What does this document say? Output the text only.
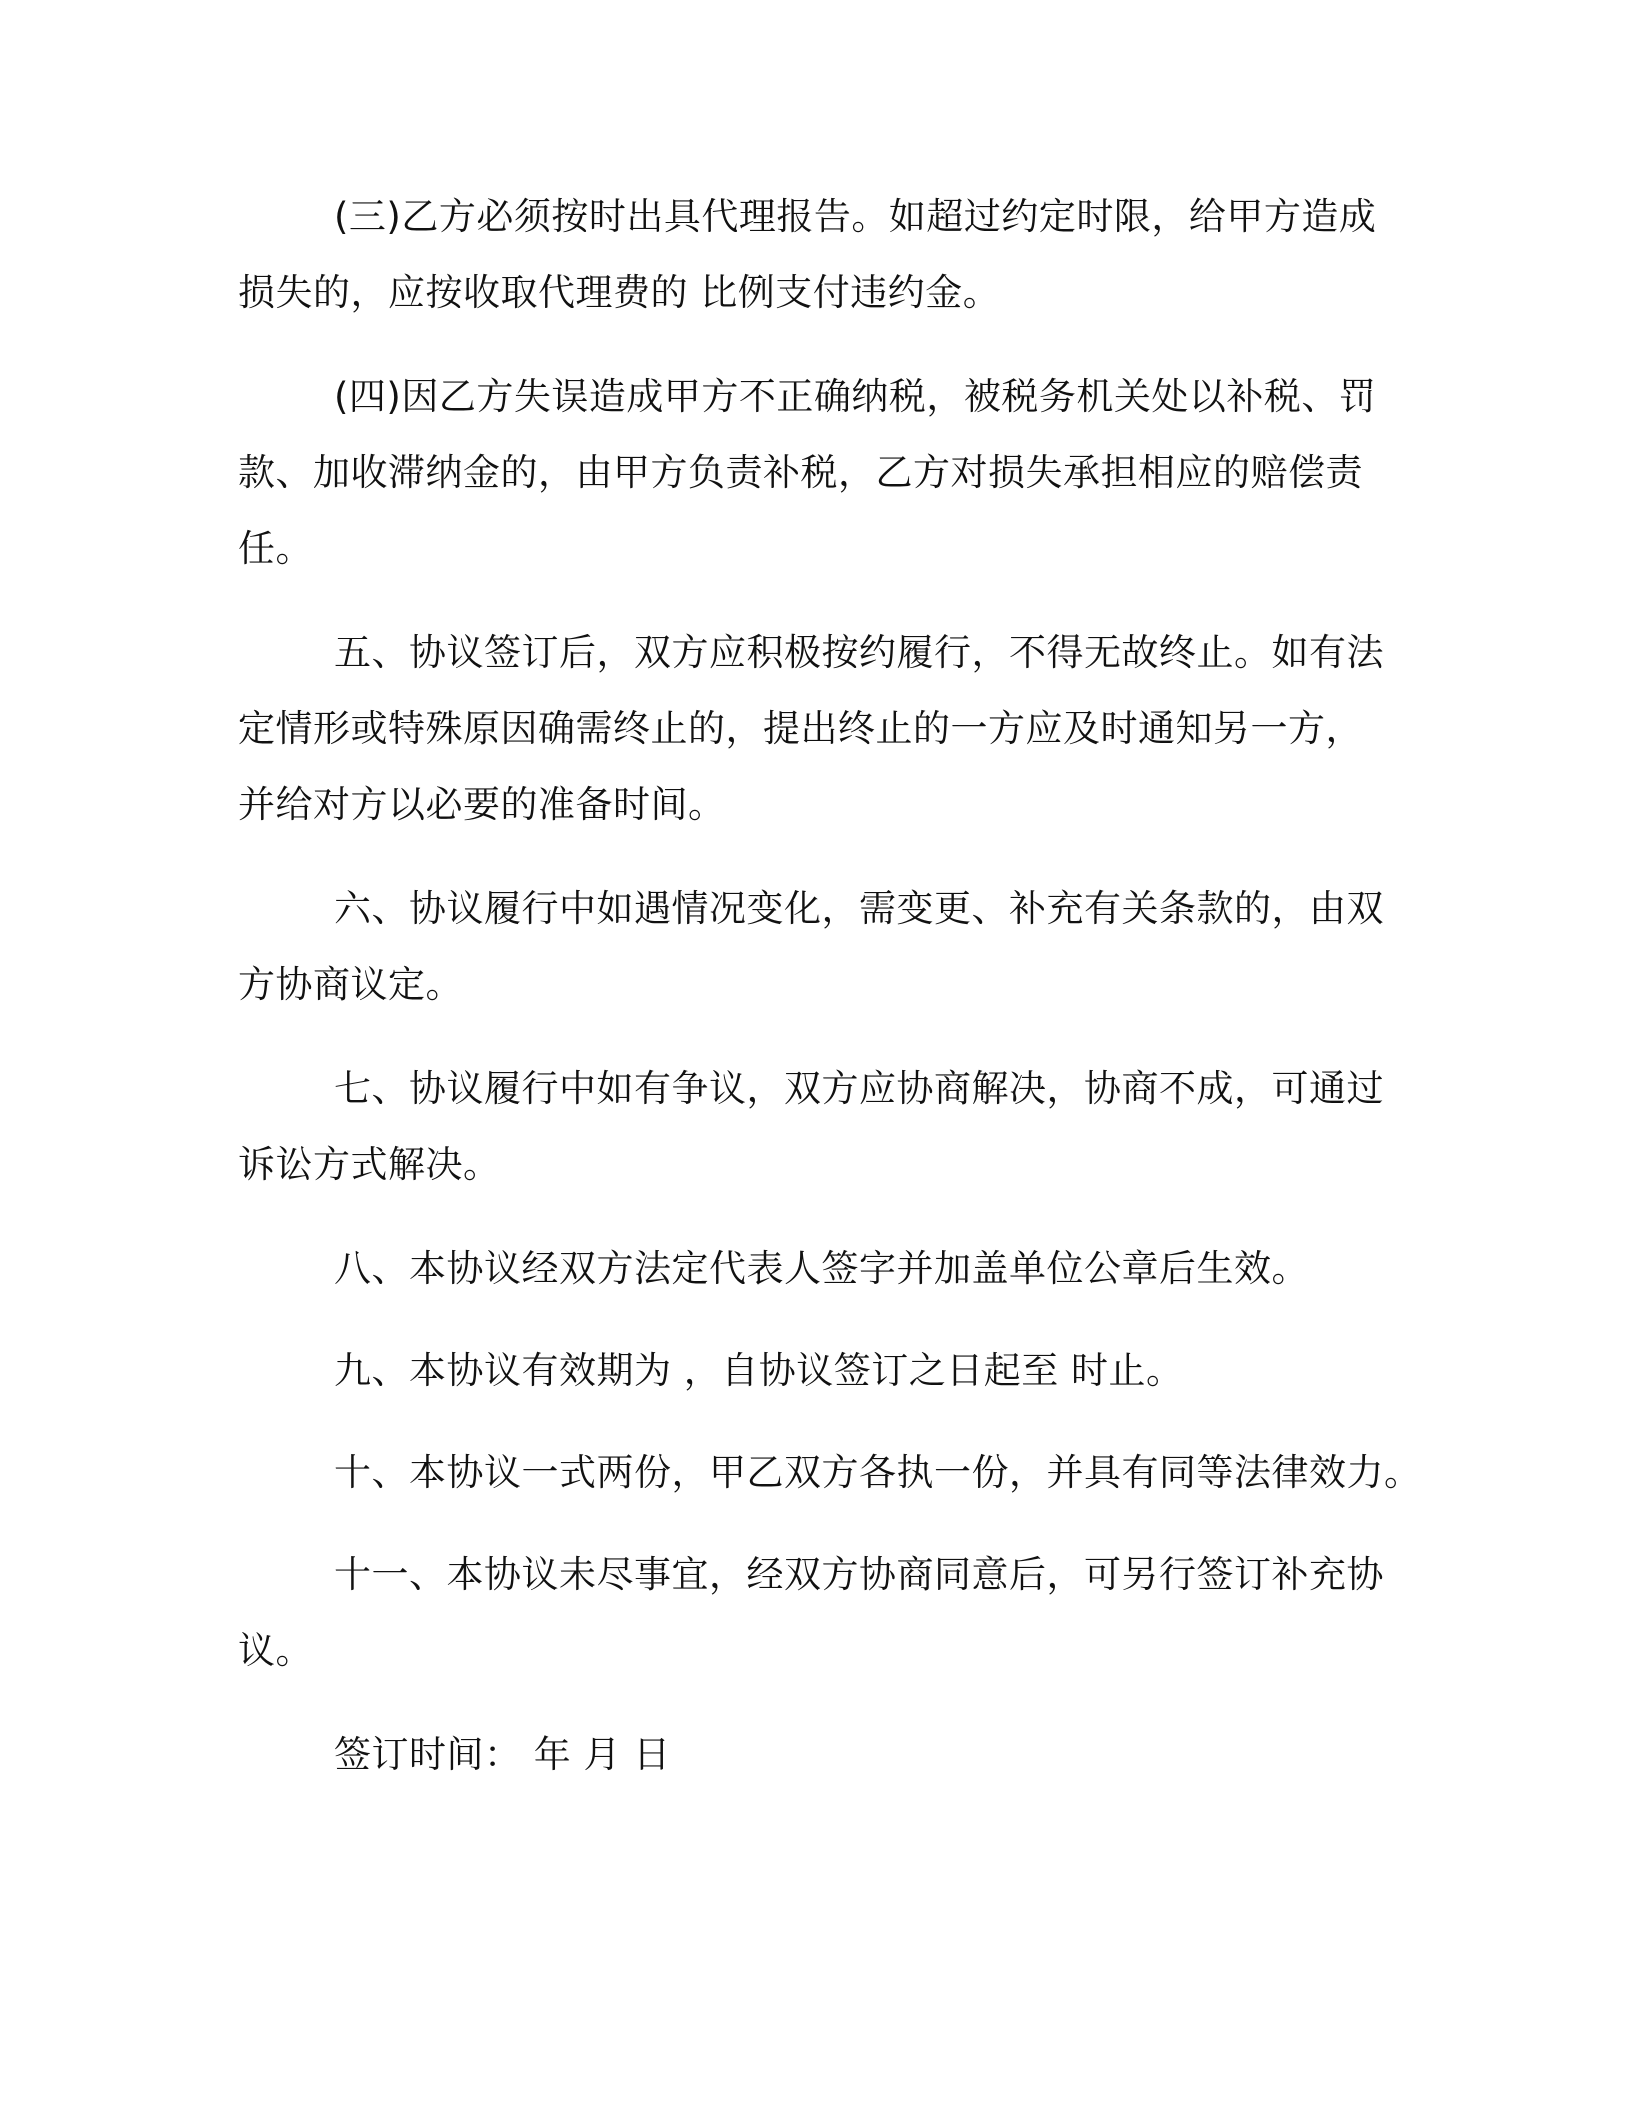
(三)乙方必须按时出具代理报告。如超过约定时限，给甲方造成
损失的，应按收取代理费的 比例支付违约金。
(四)因乙方失误造成甲方不正确纳税，被税务机关处以补税、罚
款、加收滞纳金的，由甲方负责补税，乙方对损失承担相应的赔偿责
任。
五、协议签订后，双方应积极按约履行，不得无故终止。如有法
定情形或特殊原因确需终止的，提出终止的一方应及时通知另一方，
并给对方以必要的准备时间。
六、协议履行中如遇情况变化，需变更、补充有关条款的，由双
方协商议定。
七、协议履行中如有争议，双方应协商解决，协商不成，可通过
诉讼方式解决。
八、本协议经双方法定代表人签字并加盖单位公章后生效。
九、本协议有效期为 ，自协议签订之日起至 时止。
十、本协议一式两份，甲乙双方各执一份，并具有同等法律效力。
十一、本协议未尽事宜，经双方协商同意后，可另行签订补充协
议。
签订时间： 年 月 日
